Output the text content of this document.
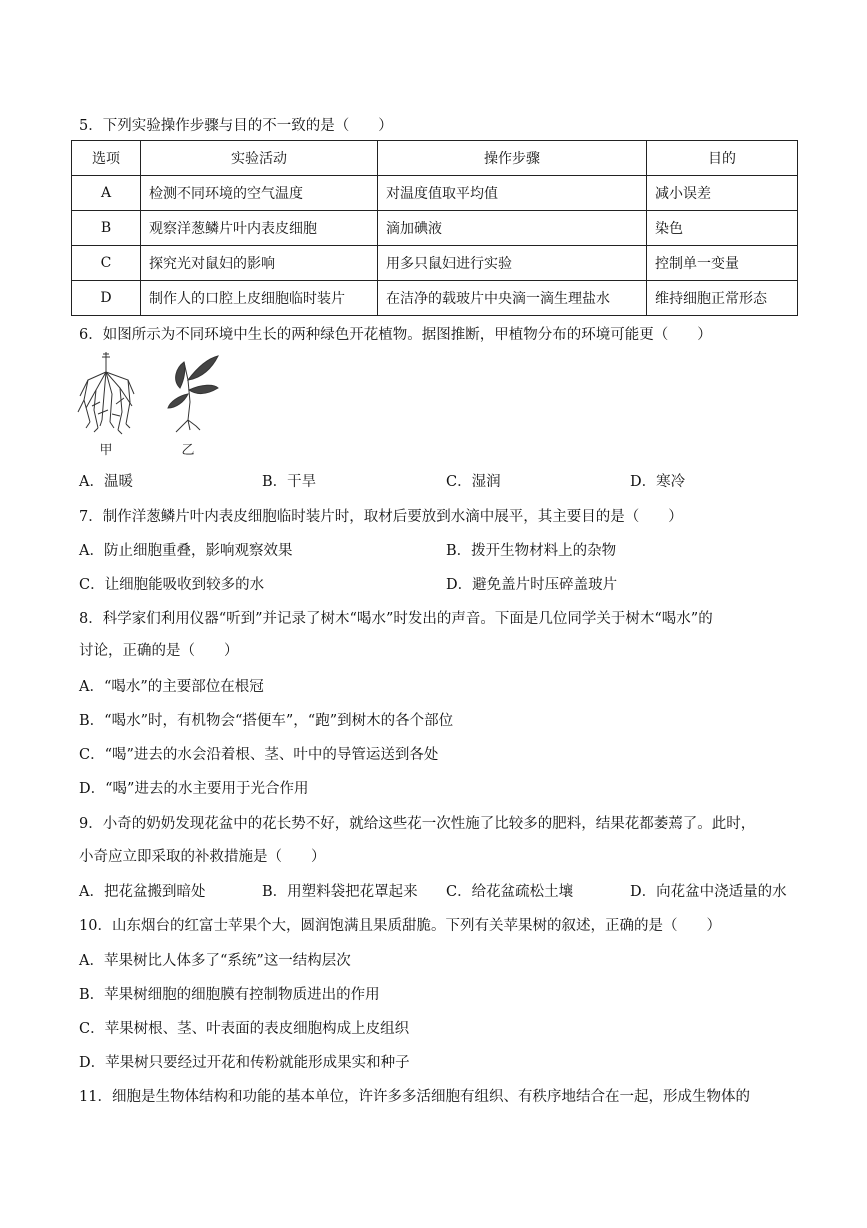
5．下列实验操作步骤与目的不一致的是（　　）
选项	实验活动	操作步骤	目的
A	检测不同环境的空气温度	对温度值取平均值	减小误差
B	观察洋葱鳞片叶内表皮细胞	滴加碘液	染色
C	探究光对鼠妇的影响	用多只鼠妇进行实验	控制单一变量
D	制作人的口腔上皮细胞临时装片	在洁净的载玻片中央滴一滴生理盐水	维持细胞正常形态
6．如图所示为不同环境中生长的两种绿色开花植物。据图推断，甲植物分布的环境可能更（　　）
甲	乙
A．温暖	B．干旱	C．湿润	D．寒冷
7．制作洋葱鳞片叶内表皮细胞临时装片时，取材后要放到水滴中展平，其主要目的是（　　）
A．防止细胞重叠，影响观察效果	B．拨开生物材料上的杂物
C．让细胞能吸收到较多的水	D．避免盖片时压碎盖玻片
8．科学家们利用仪器“听到”并记录了树木“喝水”时发出的声音。下面是几位同学关于树木“喝水”的
讨论，正确的是（　　）
A．“喝水”的主要部位在根冠
B．“喝水”时，有机物会“搭便车”，“跑”到树木的各个部位
C．“喝”进去的水会沿着根、茎、叶中的导管运送到各处
D．“喝”进去的水主要用于光合作用
9．小奇的奶奶发现花盆中的花长势不好，就给这些花一次性施了比较多的肥料，结果花都萎蔫了。此时，
小奇应立即采取的补救措施是（　　）
A．把花盆搬到暗处	B．用塑料袋把花罩起来 C．给花盆疏松土壤	D．向花盆中浇适量的水
10．山东烟台的红富士苹果个大，圆润饱满且果质甜脆。下列有关苹果树的叙述，正确的是（　　）
A．苹果树比人体多了“系统”这一结构层次
B．苹果树细胞的细胞膜有控制物质进出的作用
C．苹果树根、茎、叶表面的表皮细胞构成上皮组织
D．苹果树只要经过开花和传粉就能形成果实和种子
11．细胞是生物体结构和功能的基本单位，许许多多活细胞有组织、有秩序地结合在一起，形成生物体的
